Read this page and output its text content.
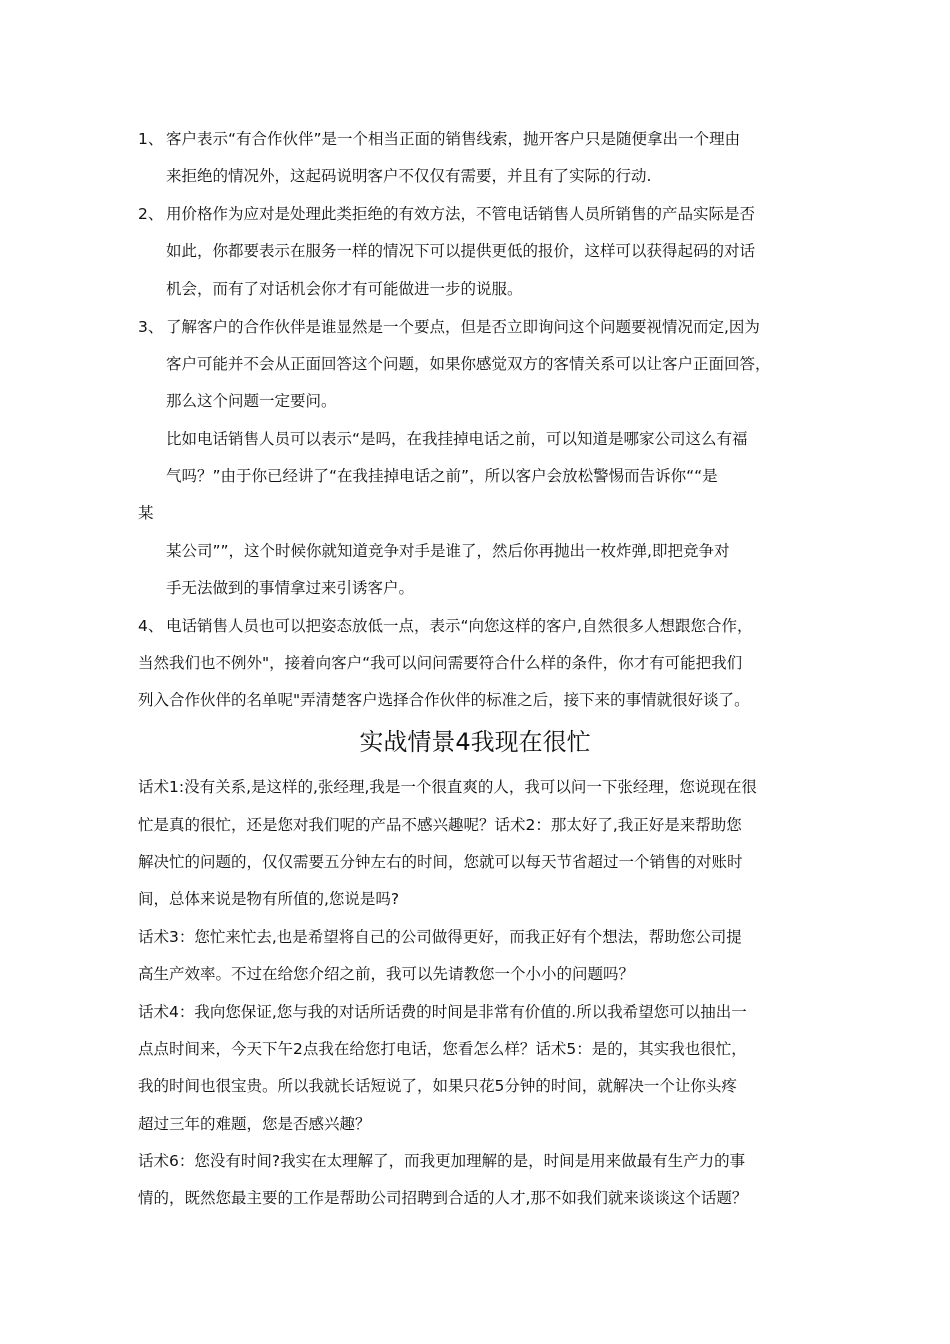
1、 客户表示“有合作伙伴”是一个相当正面的销售线索，抛开客户只是随便拿出一个理由
来拒绝的情况外，这起码说明客户不仅仅有需要，并且有了实际的行动.
2、 用价格作为应对是处理此类拒绝的有效方法，不管电话销售人员所销售的产品实际是否
如此，你都要表示在服务一样的情况下可以提供更低的报价，这样可以获得起码的对话
机会，而有了对话机会你才有可能做进一步的说服。
3、 了解客户的合作伙伴是谁显然是一个要点，但是否立即询问这个问题要视情况而定,因为
客户可能并不会从正面回答这个问题，如果你感觉双方的客情关系可以让客户正面回答，
那么这个问题一定要问。
比如电话销售人员可以表示“是吗，在我挂掉电话之前，可以知道是哪家公司这么有福
气吗？”由于你已经讲了“在我挂掉电话之前”，所以客户会放松警惕而告诉你““是
某
某公司””，这个时候你就知道竞争对手是谁了，然后你再抛出一枚炸弹,即把竞争对
手无法做到的事情拿过来引诱客户。
4、 电话销售人员也可以把姿态放低一点，表示“向您这样的客户,自然很多人想跟您合作，
当然我们也不例外"，接着向客户“我可以问问需要符合什么样的条件，你才有可能把我们
列入合作伙伴的名单呢"弄清楚客户选择合作伙伴的标准之后，接下来的事情就很好谈了。
实战情景4我现在很忙
话术1:没有关系,是这样的,张经理,我是一个很直爽的人，我可以问一下张经理，您说现在很
忙是真的很忙，还是您对我们呢的产品不感兴趣呢？话术2：那太好了,我正好是来帮助您
解决忙的问题的，仅仅需要五分钟左右的时间，您就可以每天节省超过一个销售的对账时
间，总体来说是物有所值的,您说是吗?
话术3：您忙来忙去,也是希望将自己的公司做得更好，而我正好有个想法，帮助您公司提
高生产效率。不过在给您介绍之前，我可以先请教您一个小小的问题吗？
话术4：我向您保证,您与我的对话所话费的时间是非常有价值的.所以我希望您可以抽出一
点点时间来，今天下午2点我在给您打电话，您看怎么样？话术5：是的，其实我也很忙，
我的时间也很宝贵。所以我就长话短说了，如果只花5分钟的时间，就解决一个让你头疼
超过三年的难题，您是否感兴趣？
话术6：您没有时间?我实在太理解了，而我更加理解的是，时间是用来做最有生产力的事
情的，既然您最主要的工作是帮助公司招聘到合适的人才,那不如我们就来谈谈这个话题？
